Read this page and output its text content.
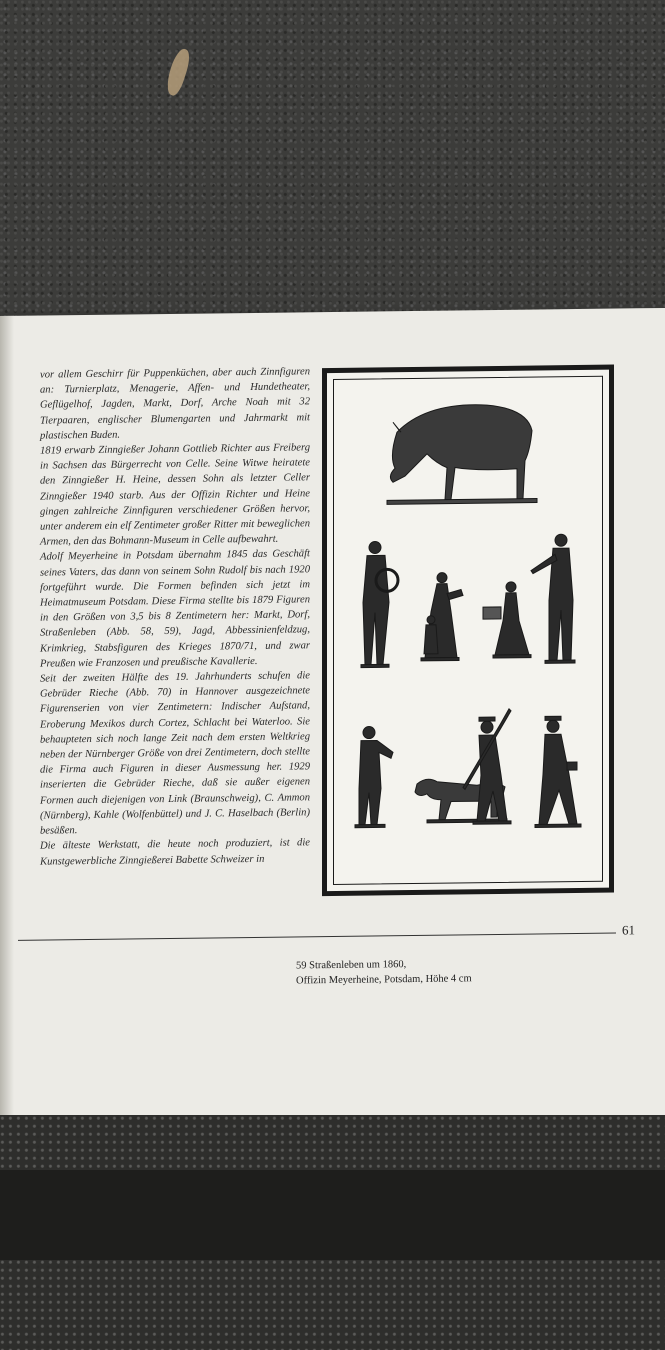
vor allem Geschirr für Puppenküchen, aber auch Zinnfiguren an: Turnierplatz, Menagerie, Affen- und Hundetheater, Geflügelhof, Jagden, Markt, Dorf, Arche Noah mit 32 Tierpaaren, englischer Blumengarten und Jahrmarkt mit plastischen Buden.

1819 erwarb Zinngießer Johann Gottlieb Richter aus Freiberg in Sachsen das Bürgerrecht von Celle. Seine Witwe heiratete den Zinngießer H. Heine, dessen Sohn als letzter Celler Zinngießer 1940 starb. Aus der Offizin Richter und Heine gingen zahlreiche Zinnfiguren verschiedener Größen hervor, unter anderem ein elf Zentimeter großer Ritter mit beweglichen Armen, den das Bohmann-Museum in Celle aufbewahrt.

Adolf Meyerheine in Potsdam übernahm 1845 das Geschäft seines Vaters, das dann von seinem Sohn Rudolf bis nach 1920 fortgeführt wurde. Die Formen befinden sich jetzt im Heimatmuseum Potsdam. Diese Firma stellte bis 1879 Figuren in den Größen von 3,5 bis 8 Zentimetern her: Markt, Dorf, Straßenleben (Abb. 58, 59), Jagd, Abbessinienfeldzug, Krimkrieg, Stabsfiguren des Krieges 1870/71, und zwar Preußen wie Franzosen und preußische Kavallerie.

Seit der zweiten Hälfte des 19. Jahrhunderts schufen die Gebrüder Rieche (Abb. 70) in Hannover ausgezeichnete Figurenserien von vier Zentimetern: Indischer Aufstand, Eroberung Mexikos durch Cortez, Schlacht bei Waterloo. Sie behaupteten sich noch lange Zeit nach dem ersten Weltkrieg neben der Nürnberger Größe von drei Zentimetern, doch stellte die Firma auch Figuren in dieser Ausmessung her. 1929 inserierten die Gebrüder Rieche, daß sie außer eigenen Formen auch diejenigen von Link (Braunschweig), C. Ammon (Nürnberg), Kahle (Wolfenbüttel) und J. C. Haselbach (Berlin) besäßen.

Die älteste Werkstatt, die heute noch produziert, ist die Kunstgewerbliche Zinngießerei Babette Schweizer in

61
59 Straßenleben um 1860,
Offizin Meyerheine, Potsdam, Höhe 4 cm
